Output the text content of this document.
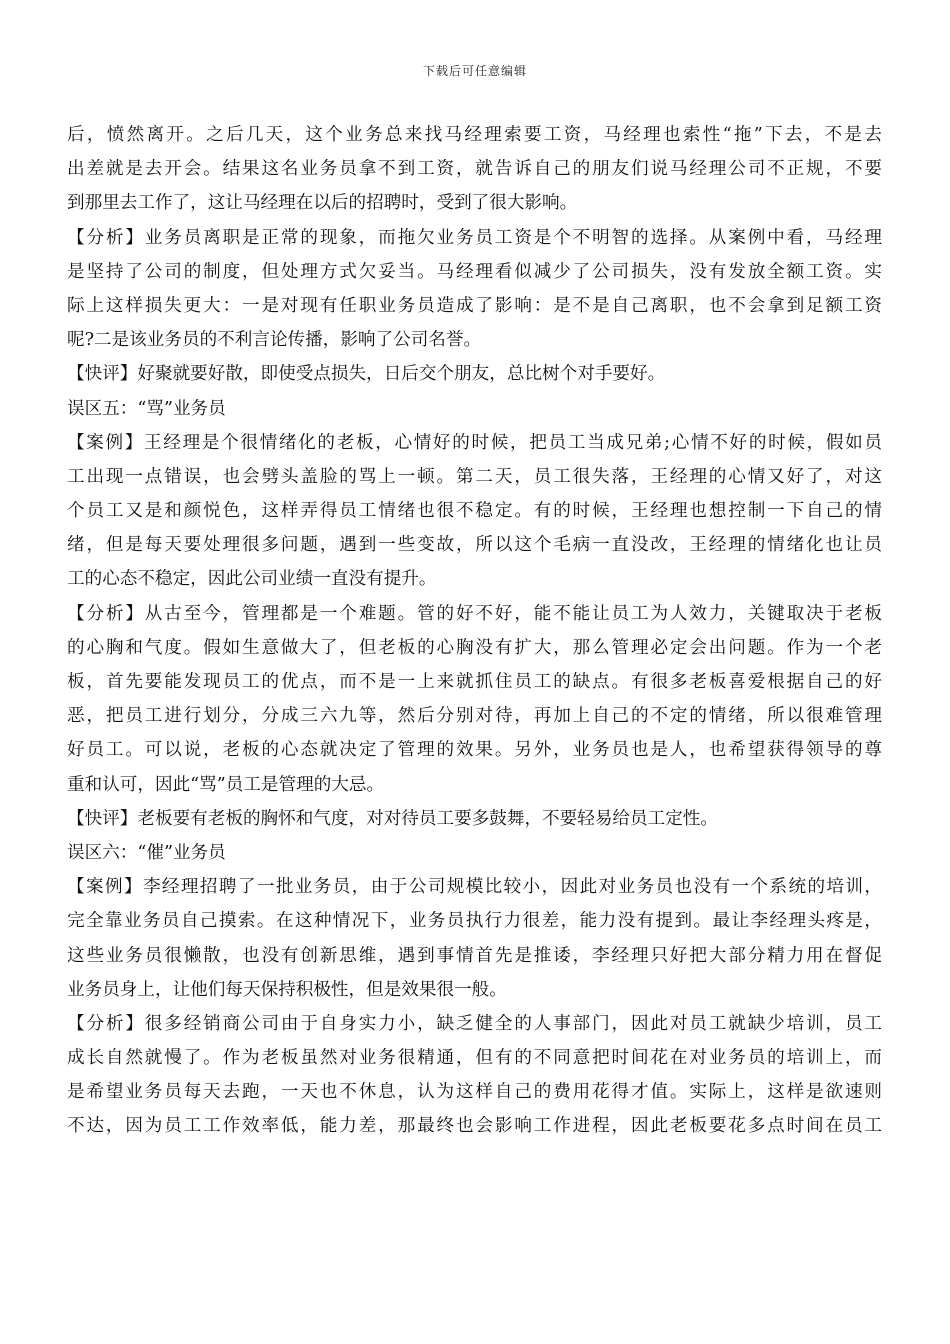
下载后可任意编辑
后，愤然离开。之后几天，这个业务总来找马经理索要工资，马经理也索性“拖”下去，不是去
出差就是去开会。结果这名业务员拿不到工资，就告诉自己的朋友们说马经理公司不正规，不要
到那里去工作了，这让马经理在以后的招聘时，受到了很大影响。
【分析】业务员离职是正常的现象，而拖欠业务员工资是个不明智的选择。从案例中看，马经理
是坚持了公司的制度，但处理方式欠妥当。马经理看似减少了公司损失，没有发放全额工资。实
际上这样损失更大：一是对现有任职业务员造成了影响：是不是自己离职，也不会拿到足额工资
呢?二是该业务员的不利言论传播，影响了公司名誉。
【快评】好聚就要好散，即使受点损失，日后交个朋友，总比树个对手要好。
误区五：“骂”业务员
【案例】王经理是个很情绪化的老板，心情好的时候，把员工当成兄弟;心情不好的时候，假如员
工出现一点错误，也会劈头盖脸的骂上一顿。第二天，员工很失落，王经理的心情又好了，对这
个员工又是和颜悦色，这样弄得员工情绪也很不稳定。有的时候，王经理也想控制一下自己的情
绪，但是每天要处理很多问题，遇到一些变故，所以这个毛病一直没改，王经理的情绪化也让员
工的心态不稳定，因此公司业绩一直没有提升。
【分析】从古至今，管理都是一个难题。管的好不好，能不能让员工为人效力，关键取决于老板
的心胸和气度。假如生意做大了，但老板的心胸没有扩大，那么管理必定会出问题。作为一个老
板，首先要能发现员工的优点，而不是一上来就抓住员工的缺点。有很多老板喜爱根据自己的好
恶，把员工进行划分，分成三六九等，然后分别对待，再加上自己的不定的情绪，所以很难管理
好员工。可以说，老板的心态就决定了管理的效果。另外，业务员也是人，也希望获得领导的尊
重和认可，因此“骂”员工是管理的大忌。
【快评】老板要有老板的胸怀和气度，对对待员工要多鼓舞，不要轻易给员工定性。
误区六：“催”业务员
【案例】李经理招聘了一批业务员，由于公司规模比较小，因此对业务员也没有一个系统的培训，
完全靠业务员自己摸索。在这种情况下，业务员执行力很差，能力没有提到。最让李经理头疼是，
这些业务员很懒散，也没有创新思维，遇到事情首先是推诿，李经理只好把大部分精力用在督促
业务员身上，让他们每天保持积极性，但是效果很一般。
【分析】很多经销商公司由于自身实力小，缺乏健全的人事部门，因此对员工就缺少培训，员工
成长自然就慢了。作为老板虽然对业务很精通，但有的不同意把时间花在对业务员的培训上，而
是希望业务员每天去跑，一天也不休息，认为这样自己的费用花得才值。实际上，这样是欲速则
不达，因为员工工作效率低，能力差，那最终也会影响工作进程，因此老板要花多点时间在员工
